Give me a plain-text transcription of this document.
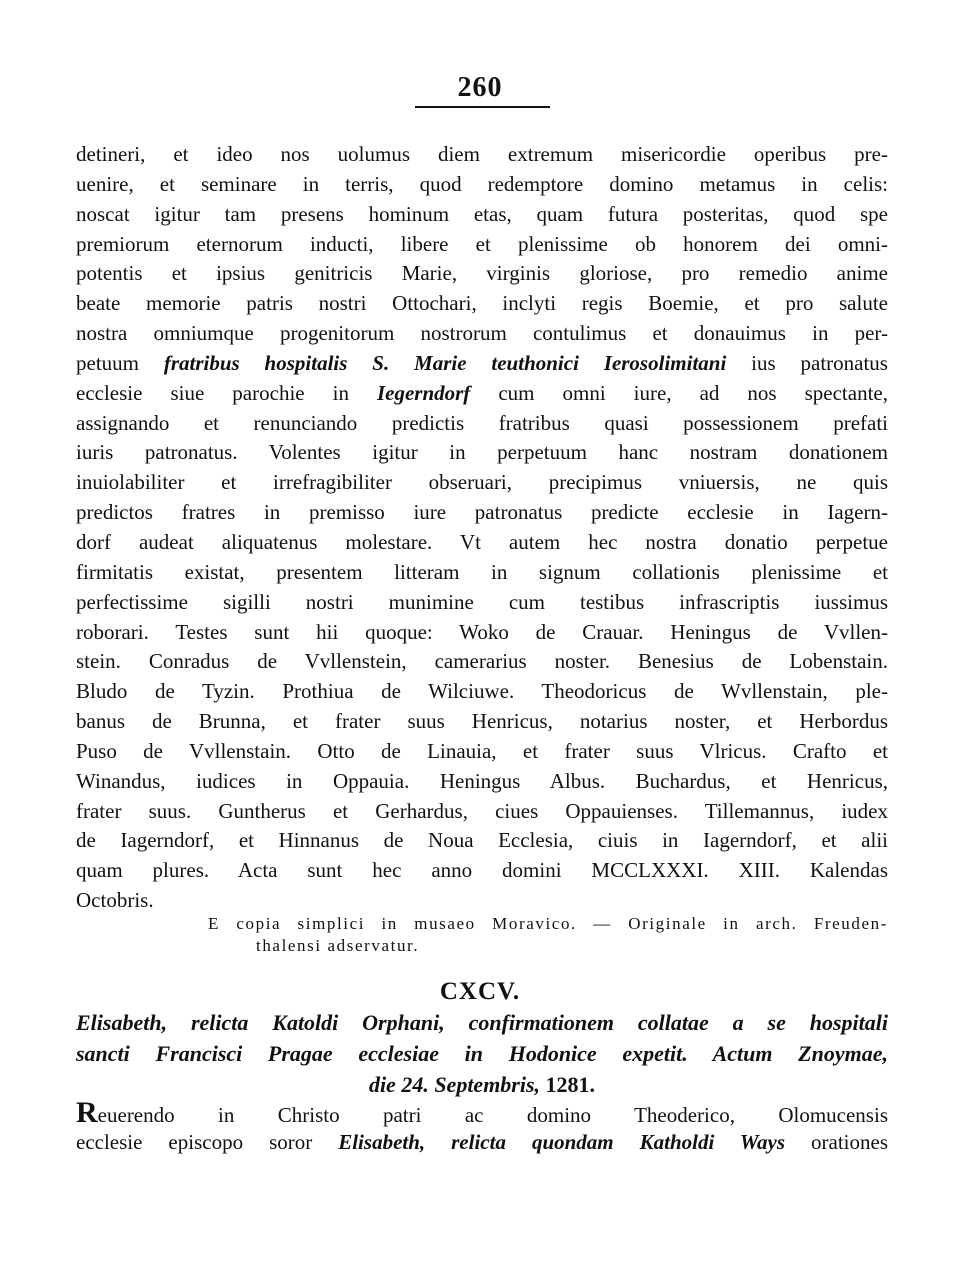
260
detineri, et ideo nos uolumus diem extremum misericordie operibus pre-
uenire, et seminare in terris, quod redemptore domino metamus in celis:
noscat igitur tam presens hominum etas, quam futura posteritas, quod spe
premiorum eternorum inducti, libere et plenissime ob honorem dei omni-
potentis et ipsius genitricis Marie, virginis gloriose, pro remedio anime
beate memorie patris nostri Ottochari, inclyti regis Boemie, et pro salute
nostra omniumque progenitorum nostrorum contulimus et donauimus in per-
petuum fratribus hospitalis S. Marie teuthonici Ierosolimitani ius patronatus
ecclesie siue parochie in Iegerndorf cum omni iure, ad nos spectante,
assignando et renunciando predictis fratribus quasi possessionem prefati
iuris patronatus. Volentes igitur in perpetuum hanc nostram donationem
inuiolabiliter et irrefragibiliter obseruari, precipimus vniuersis, ne quis
predictos fratres in premisso iure patronatus predicte ecclesie in Iagern-
dorf audeat aliquatenus molestare. Vt autem hec nostra donatio perpetue
firmitatis existat, presentem litteram in signum collationis plenissime et
perfectissime sigilli nostri munimine cum testibus infrascriptis iussimus
roborari. Testes sunt hii quoque: Woko de Crauar. Heningus de Vvllen-
stein. Conradus de Vvllenstein, camerarius noster. Benesius de Lobenstain.
Bludo de Tyzin. Prothiua de Wilciuwe. Theodoricus de Wvllenstain, ple-
banus de Brunna, et frater suus Henricus, notarius noster, et Herbordus
Puso de Vvllenstain. Otto de Linauia, et frater suus Vlricus. Crafto et
Winandus, iudices in Oppauia. Heningus Albus. Buchardus, et Henricus,
frater suus. Guntherus et Gerhardus, ciues Oppauienses. Tillemannus, iudex
de Iagerndorf, et Hinnanus de Noua Ecclesia, ciuis in Iagerndorf, et alii
quam plures. Acta sunt hec anno domini MCCLXXXI. XIII. Kalendas
Octobris.
E copia simplici in musaeo Moravico. — Originale in arch. Freuden-
thalensi adservatur.
CXCV.
Elisabeth, relicta Katoldi Orphani, confirmationem collatae a se hospitali
sancti Francisci Pragae ecclesiae in Hodonice expetit. Actum Znoymae,
die 24. Septembris, 1281.
Reuerendo in Christo patri ac domino Theoderico, Olomucensis
ecclesie episcopo soror Elisabeth, relicta quondam Katholdi Ways orationes
